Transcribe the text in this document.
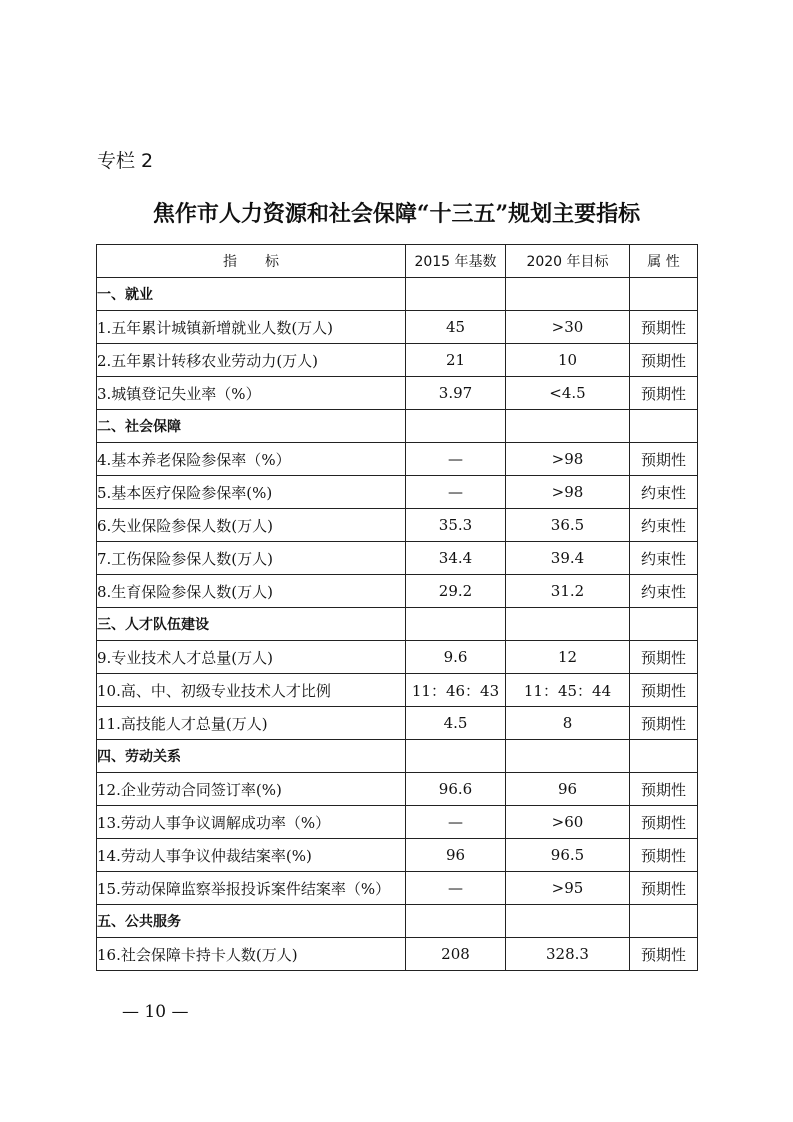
专栏 2
焦作市人力资源和社会保障“十三五”规划主要指标
指　　标	2015 年基数	2020 年目标	属 性
一、就业			
1.五年累计城镇新增就业人数(万人)	45	>30	预期性
2.五年累计转移农业劳动力(万人)	21	10	预期性
3.城镇登记失业率（%）	3.97	<4.5	预期性
二、社会保障			
4.基本养老保险参保率（%）	—	>98	预期性
5.基本医疗保险参保率(%)	—	>98	约束性
6.失业保险参保人数(万人)	35.3	36.5	约束性
7.工伤保险参保人数(万人)	34.4	39.4	约束性
8.生育保险参保人数(万人)	29.2	31.2	约束性
三、人才队伍建设			
9.专业技术人才总量(万人)	9.6	12	预期性
10.高、中、初级专业技术人才比例	11：46：43	11：45：44	预期性
11.高技能人才总量(万人)	4.5	8	预期性
四、劳动关系			
12.企业劳动合同签订率(%)	96.6	96	预期性
13.劳动人事争议调解成功率（%）	—	>60	预期性
14.劳动人事争议仲裁结案率(%)	96	96.5	预期性
15.劳动保障监察举报投诉案件结案率（%）	—	>95	预期性
五、公共服务			
16.社会保障卡持卡人数(万人)	208	328.3	预期性
— 10 —
